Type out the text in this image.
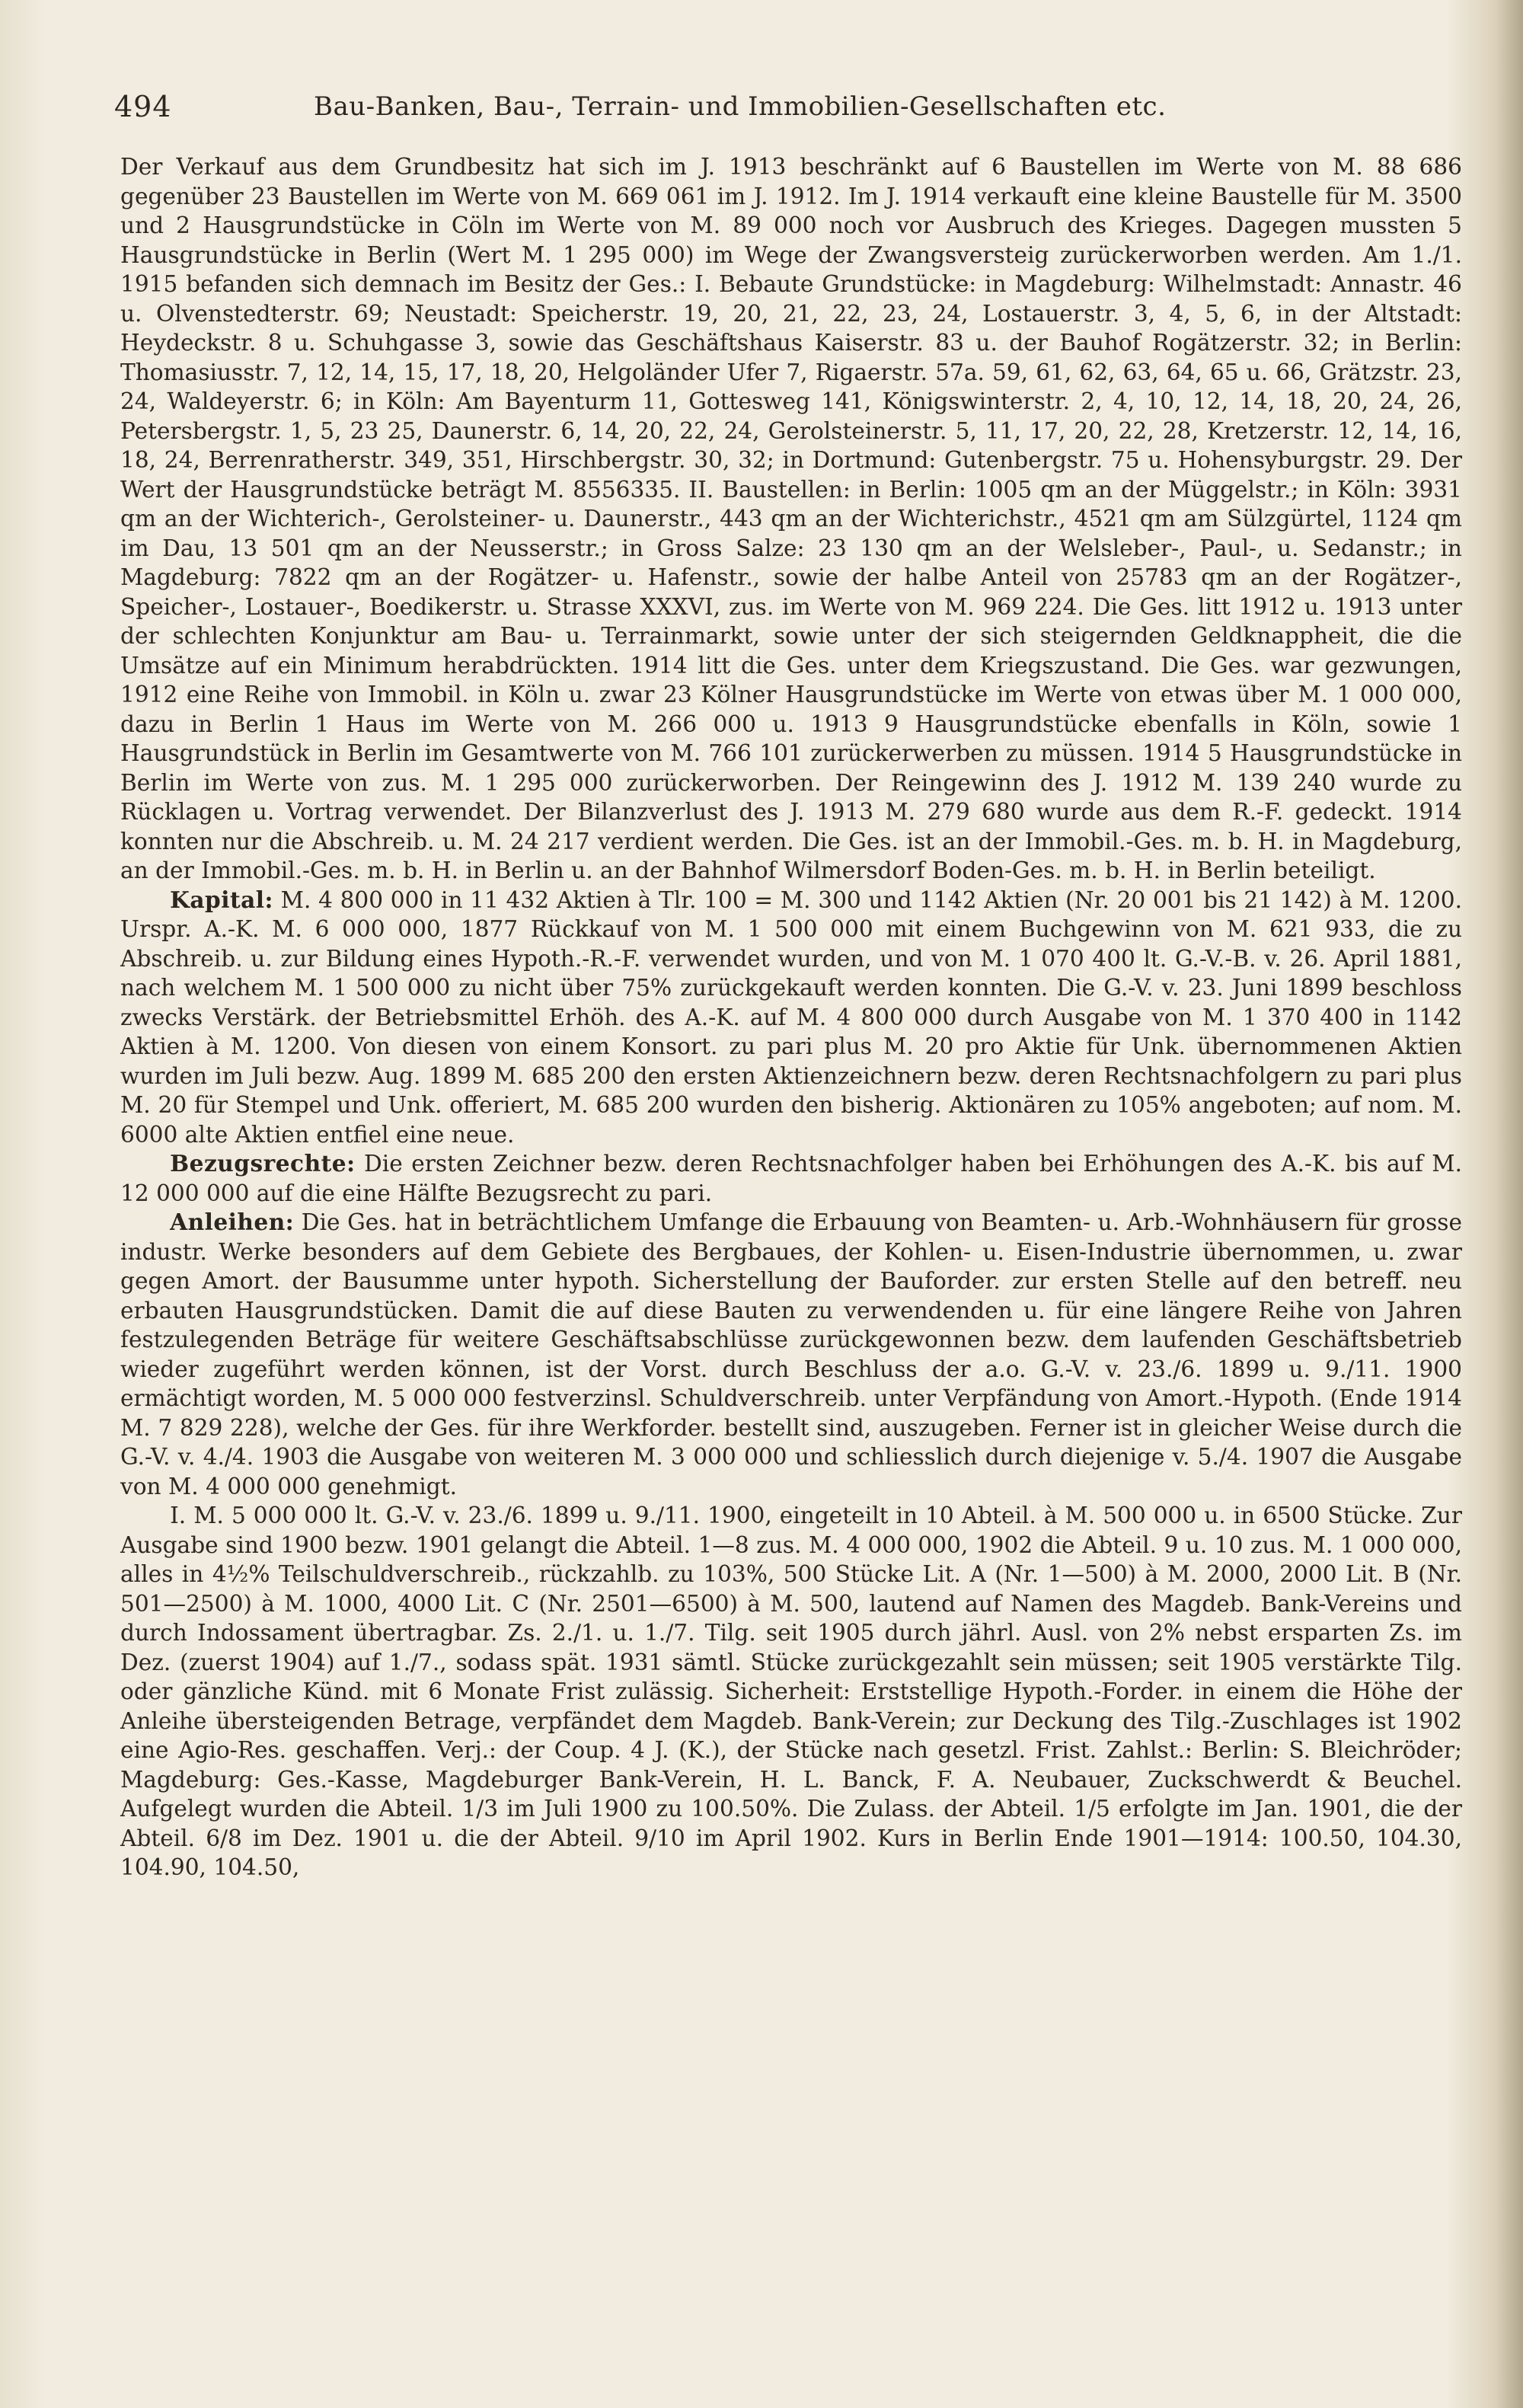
494	Bau-Banken, Bau-, Terrain- und Immobilien-Gesellschaften etc.

Der Verkauf aus dem Grundbesitz hat sich im J. 1913 beschränkt auf 6 Baustellen im Werte von M. 88 686 gegenüber 23 Baustellen im Werte von M. 669 061 im J. 1912. Im J. 1914 verkauft eine kleine Baustelle für M. 3500 und 2 Hausgrundstücke in Cöln im Werte von M. 89 000 noch vor Ausbruch des Krieges. Dagegen mussten 5 Hausgrundstücke in Berlin (Wert M. 1 295 000) im Wege der Zwangsversteig zurückerworben werden. Am 1./1. 1915 befanden sich demnach im Besitz der Ges.: I. Bebaute Grundstücke: in Magdeburg: Wilhelmstadt: Annastr. 46 u. Olvenstedterstr. 69; Neustadt: Speicherstr. 19, 20, 21, 22, 23, 24, Lostauerstr. 3, 4, 5, 6, in der Altstadt: Heydeckstr. 8 u. Schuhgasse 3, sowie das Geschäftshaus Kaiserstr. 83 u. der Bauhof Rogätzerstr. 32; in Berlin: Thomasiusstr. 7, 12, 14, 15, 17, 18, 20, Helgoländer Ufer 7, Rigaerstr. 57a. 59, 61, 62, 63, 64, 65 u. 66, Grätzstr. 23, 24, Waldeyerstr. 6; in Köln: Am Bayenturm 11, Gottesweg 141, Königswinterstr. 2, 4, 10, 12, 14, 18, 20, 24, 26, Petersbergstr. 1, 5, 23 25, Daunerstr. 6, 14, 20, 22, 24, Gerolsteinerstr. 5, 11, 17, 20, 22, 28, Kretzerstr. 12, 14, 16, 18, 24, Berrenratherstr. 349, 351, Hirschbergstr. 30, 32; in Dortmund: Gutenbergstr. 75 u. Hohensyburgstr. 29. Der Wert der Hausgrundstücke beträgt M. 8556335. II. Baustellen: in Berlin: 1005 qm an der Müggelstr.; in Köln: 3931 qm an der Wichterich-, Gerolsteiner- u. Daunerstr., 443 qm an der Wichterichstr., 4521 qm am Sülzgürtel, 1124 qm im Dau, 13 501 qm an der Neusserstr.; in Gross Salze: 23 130 qm an der Welsleber-, Paul-, u. Sedanstr.; in Magdeburg: 7822 qm an der Rogätzer- u. Hafenstr., sowie der halbe Anteil von 25783 qm an der Rogätzer-, Speicher-, Lostauer-, Boedikerstr. u. Strasse XXXVI, zus. im Werte von M. 969 224. Die Ges. litt 1912 u. 1913 unter der schlechten Konjunktur am Bau- u. Terrainmarkt, sowie unter der sich steigernden Geldknappheit, die die Umsätze auf ein Minimum herabdrückten. 1914 litt die Ges. unter dem Kriegszustand. Die Ges. war gezwungen, 1912 eine Reihe von Immobil. in Köln u. zwar 23 Kölner Hausgrundstücke im Werte von etwas über M. 1 000 000, dazu in Berlin 1 Haus im Werte von M. 266 000 u. 1913 9 Hausgrundstücke ebenfalls in Köln, sowie 1 Hausgrundstück in Berlin im Gesamtwerte von M. 766 101 zurückerwerben zu müssen. 1914 5 Hausgrundstücke in Berlin im Werte von zus. M. 1 295 000 zurückerworben. Der Reingewinn des J. 1912 M. 139 240 wurde zu Rücklagen u. Vortrag verwendet. Der Bilanzverlust des J. 1913 M. 279 680 wurde aus dem R.-F. gedeckt. 1914 konnten nur die Abschreib. u. M. 24 217 verdient werden. Die Ges. ist an der Immobil.-Ges. m. b. H. in Magdeburg, an der Immobil.-Ges. m. b. H. in Berlin u. an der Bahnhof Wilmersdorf Boden-Ges. m. b. H. in Berlin beteiligt.

Kapital: M. 4 800 000 in 11 432 Aktien à Tlr. 100 = M. 300 und 1142 Aktien (Nr. 20 001 bis 21 142) à M. 1200. Urspr. A.-K. M. 6 000 000, 1877 Rückkauf von M. 1 500 000 mit einem Buchgewinn von M. 621 933, die zu Abschreib. u. zur Bildung eines Hypoth.-R.-F. verwendet wurden, und von M. 1 070 400 lt. G.-V.-B. v. 26. April 1881, nach welchem M. 1 500 000 zu nicht über 75% zurückgekauft werden konnten. Die G.-V. v. 23. Juni 1899 beschloss zwecks Verstärk. der Betriebsmittel Erhöh. des A.-K. auf M. 4 800 000 durch Ausgabe von M. 1 370 400 in 1142 Aktien à M. 1200. Von diesen von einem Konsort. zu pari plus M. 20 pro Aktie für Unk. übernommenen Aktien wurden im Juli bezw. Aug. 1899 M. 685 200 den ersten Aktienzeichnern bezw. deren Rechtsnachfolgern zu pari plus M. 20 für Stempel und Unk. offeriert, M. 685 200 wurden den bisherig. Aktionären zu 105% angeboten; auf nom. M. 6000 alte Aktien entfiel eine neue.

Bezugsrechte: Die ersten Zeichner bezw. deren Rechtsnachfolger haben bei Erhöhungen des A.-K. bis auf M. 12 000 000 auf die eine Hälfte Bezugsrecht zu pari.

Anleihen: Die Ges. hat in beträchtlichem Umfange die Erbauung von Beamten- u. Arb.-Wohnhäusern für grosse industr. Werke besonders auf dem Gebiete des Bergbaues, der Kohlen- u. Eisen-Industrie übernommen, u. zwar gegen Amort. der Bausumme unter hypoth. Sicherstellung der Bauforder. zur ersten Stelle auf den betreff. neu erbauten Hausgrundstücken. Damit die auf diese Bauten zu verwendenden u. für eine längere Reihe von Jahren festzulegenden Beträge für weitere Geschäftsabschlüsse zurückgewonnen bezw. dem laufenden Geschäftsbetrieb wieder zugeführt werden können, ist der Vorst. durch Beschluss der a.o. G.-V. v. 23./6. 1899 u. 9./11. 1900 ermächtigt worden, M. 5 000 000 festverzinsl. Schuldverschreib. unter Verpfändung von Amort.-Hypoth. (Ende 1914 M. 7 829 228), welche der Ges. für ihre Werkforder. bestellt sind, auszugeben. Ferner ist in gleicher Weise durch die G.-V. v. 4./4. 1903 die Ausgabe von weiteren M. 3 000 000 und schliesslich durch diejenige v. 5./4. 1907 die Ausgabe von M. 4 000 000 genehmigt.

I. M. 5 000 000 lt. G.-V. v. 23./6. 1899 u. 9./11. 1900, eingeteilt in 10 Abteil. à M. 500 000 u. in 6500 Stücke. Zur Ausgabe sind 1900 bezw. 1901 gelangt die Abteil. 1—8 zus. M. 4 000 000, 1902 die Abteil. 9 u. 10 zus. M. 1 000 000, alles in 4½% Teilschuldverschreib., rückzahlb. zu 103%, 500 Stücke Lit. A (Nr. 1—500) à M. 2000, 2000 Lit. B (Nr. 501—2500) à M. 1000, 4000 Lit. C (Nr. 2501—6500) à M. 500, lautend auf Namen des Magdeb. Bank-Vereins und durch Indossament übertragbar. Zs. 2./1. u. 1./7. Tilg. seit 1905 durch jährl. Ausl. von 2% nebst ersparten Zs. im Dez. (zuerst 1904) auf 1./7., sodass spät. 1931 sämtl. Stücke zurückgezahlt sein müssen; seit 1905 verstärkte Tilg. oder gänzliche Künd. mit 6 Monate Frist zulässig. Sicherheit: Erststellige Hypoth.-Forder. in einem die Höhe der Anleihe übersteigenden Betrage, verpfändet dem Magdeb. Bank-Verein; zur Deckung des Tilg.-Zuschlages ist 1902 eine Agio-Res. geschaffen. Verj.: der Coup. 4 J. (K.), der Stücke nach gesetzl. Frist. Zahlst.: Berlin: S. Bleichröder; Magdeburg: Ges.-Kasse, Magdeburger Bank-Verein, H. L. Banck, F. A. Neubauer, Zuckschwerdt & Beuchel. Aufgelegt wurden die Abteil. 1/3 im Juli 1900 zu 100.50%. Die Zulass. der Abteil. 1/5 erfolgte im Jan. 1901, die der Abteil. 6/8 im Dez. 1901 u. die der Abteil. 9/10 im April 1902. Kurs in Berlin Ende 1901—1914: 100.50, 104.30, 104.90, 104.50,
